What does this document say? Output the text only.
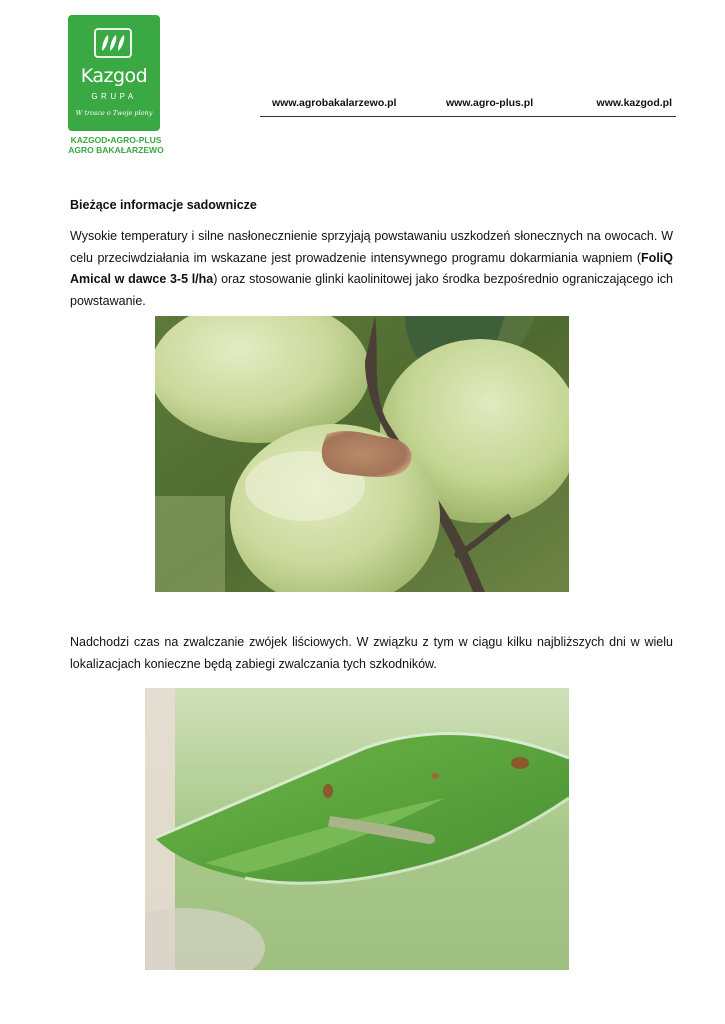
Kazgod
GRUPA
W trosce o Twoje plony
KAZGOD•AGRO-PLUS
AGRO BAKAŁARZEWO
www.agrobakalarzewo.pl	www.agro-plus.pl	www.kazgod.pl
Bieżące informacje sadownicze
Wysokie temperatury i silne nasłonecznienie sprzyjają powstawaniu uszkodzeń słonecznych na owocach. W celu przeciwdziałania im wskazane jest prowadzenie intensywnego programu dokarmiania wapniem (FoliQ Amical w dawce 3-5 l/ha) oraz stosowanie glinki kaolinitowej jako środka bezpośrednio ograniczającego ich powstawanie.
Nadchodzi czas na zwalczanie zwójek liściowych. W związku z tym w ciągu kilku najbliższych dni w wielu lokalizacjach konieczne będą zabiegi zwalczania tych szkodników.
